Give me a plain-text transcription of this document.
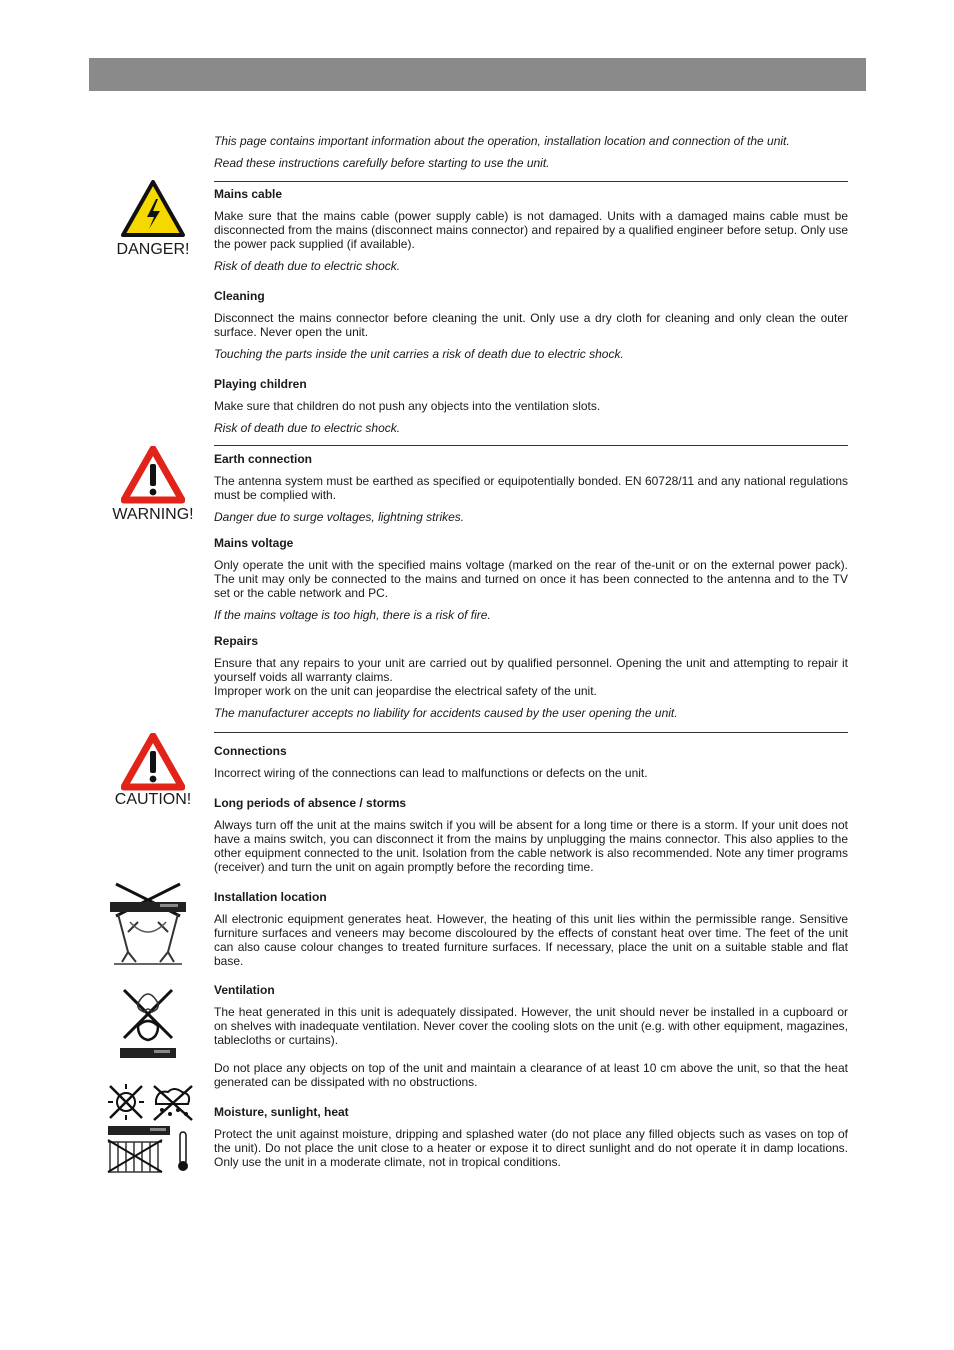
This page contains important information about the operation, installation location and connection of the unit.
Read these instructions carefully before starting to use the unit.
DANGER!
Mains cable

Make sure that the mains cable (power supply cable) is not damaged. Units with a damaged mains cable must be disconnected from the mains (disconnect mains connector) and repaired by a qualified engineer before setup. Only use the power pack supplied (if available).

Risk of death due to electric shock.

Cleaning

Disconnect the mains connector before cleaning the unit. Only use a dry cloth for cleaning and only clean the outer surface. Never open the unit.

Touching the parts inside the unit carries a risk of death due to electric shock.

Playing children

Make sure that children do not push any objects into the ventilation slots.

Risk of death due to electric shock.

WARNING!
Earth connection

The antenna system must be earthed as specified or equipotentially bonded. EN 60728/11 and any national regulations must be complied with.

Danger due to surge voltages, lightning strikes.

Mains voltage

Only operate the unit with the specified mains voltage (marked on the rear of the-unit or on the external power pack). The unit may only be connected to the mains and turned on once it has been connected to the antenna and to the TV set or the cable network and PC.

If the mains voltage is too high, there is a risk of fire.

Repairs

Ensure that any repairs to your unit are carried out by qualified personnel. Opening the unit and attempting to repair it yourself voids all warranty claims.

Improper work on the unit can jeopardise the electrical safety of the unit.

The manufacturer accepts no liability for accidents caused by the user opening the unit.

CAUTION!
Connections

Incorrect wiring of the connections can lead to malfunctions or defects on the unit.

Long periods of absence / storms

Always turn off the unit at the mains switch if you will be absent for a long time or there is a storm. If your unit does not have a mains switch, you can disconnect it from the mains by unplugging the mains connector. This also applies to the other equipment connected to the unit. Isolation from the cable network is also recommended. Note any timer programs (receiver) and turn the unit on again promptly before the recording time.

Installation location

All electronic equipment generates heat. However, the heating of this unit lies within the permissible range. Sensitive furniture surfaces and veneers may become discoloured by the effects of constant heat over time. The feet of the unit can also cause colour changes to treated furniture surfaces. If necessary, place the unit on a suitable stable and flat base.

Ventilation

The heat generated in this unit is adequately dissipated. However, the unit should never be installed in a cupboard or on shelves with inadequate ventilation. Never cover the cooling slots on the unit (e.g. with other equipment, magazines, tablecloths or curtains).

Do not place any objects on top of the unit and maintain a clearance of at least 10 cm above the unit, so that the heat generated can be dissipated with no obstructions.

Moisture, sunlight, heat

Protect the unit against moisture, dripping and splashed water (do not place any filled objects such as vases on top of the unit). Do not place the unit close to a heater or expose it to direct sunlight and do not operate it in damp locations. Only use the unit in a moderate climate, not in tropical conditions.
